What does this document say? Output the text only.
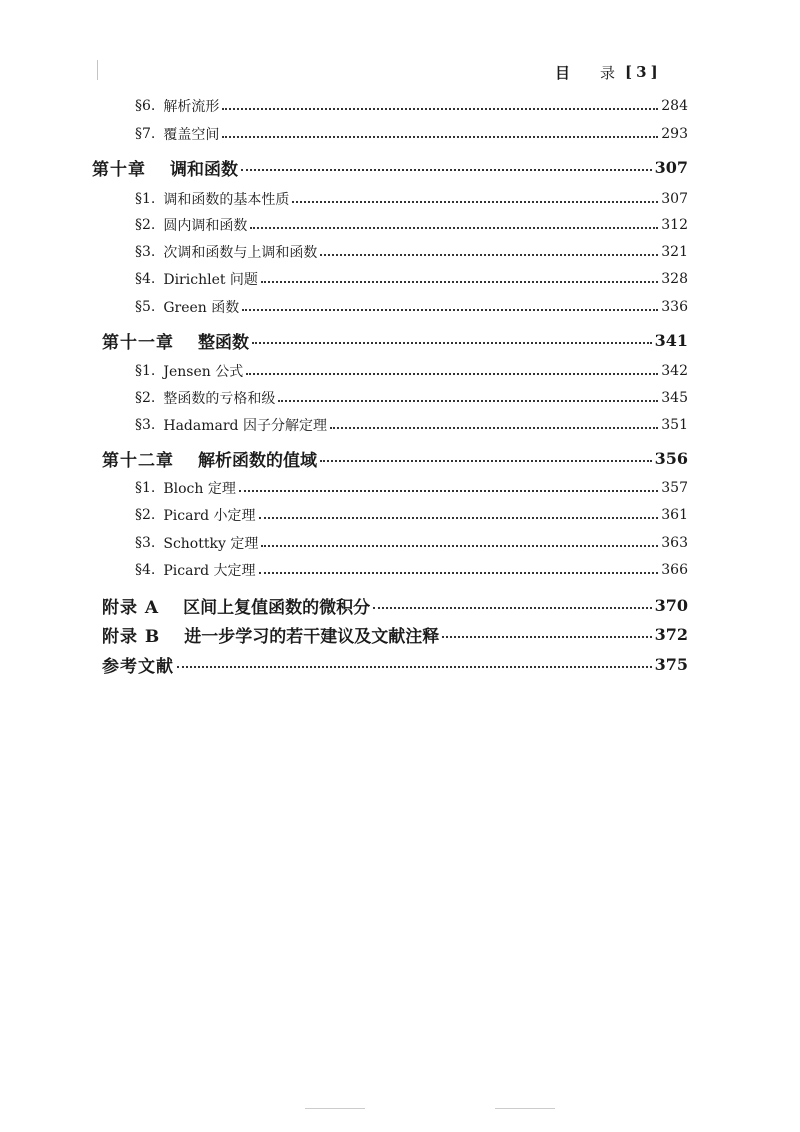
目 录 [3]
§6. 解析流形	284
§7. 覆盖空间	293
第十章 调和函数	307
§1. 调和函数的基本性质	307
§2. 圆内调和函数	312
§3. 次调和函数与上调和函数	321
§4. Dirichlet 问题	328
§5. Green 函数	336
第十一章 整函数	341
§1. Jensen 公式	342
§2. 整函数的亏格和级	345
§3. Hadamard 因子分解定理	351
第十二章 解析函数的值域	356
§1. Bloch 定理	357
§2. Picard 小定理	361
§3. Schottky 定理	363
§4. Picard 大定理	366
附录 A 区间上复值函数的微积分	370
附录 B 进一步学习的若干建议及文献注释	372
参考文献	375
